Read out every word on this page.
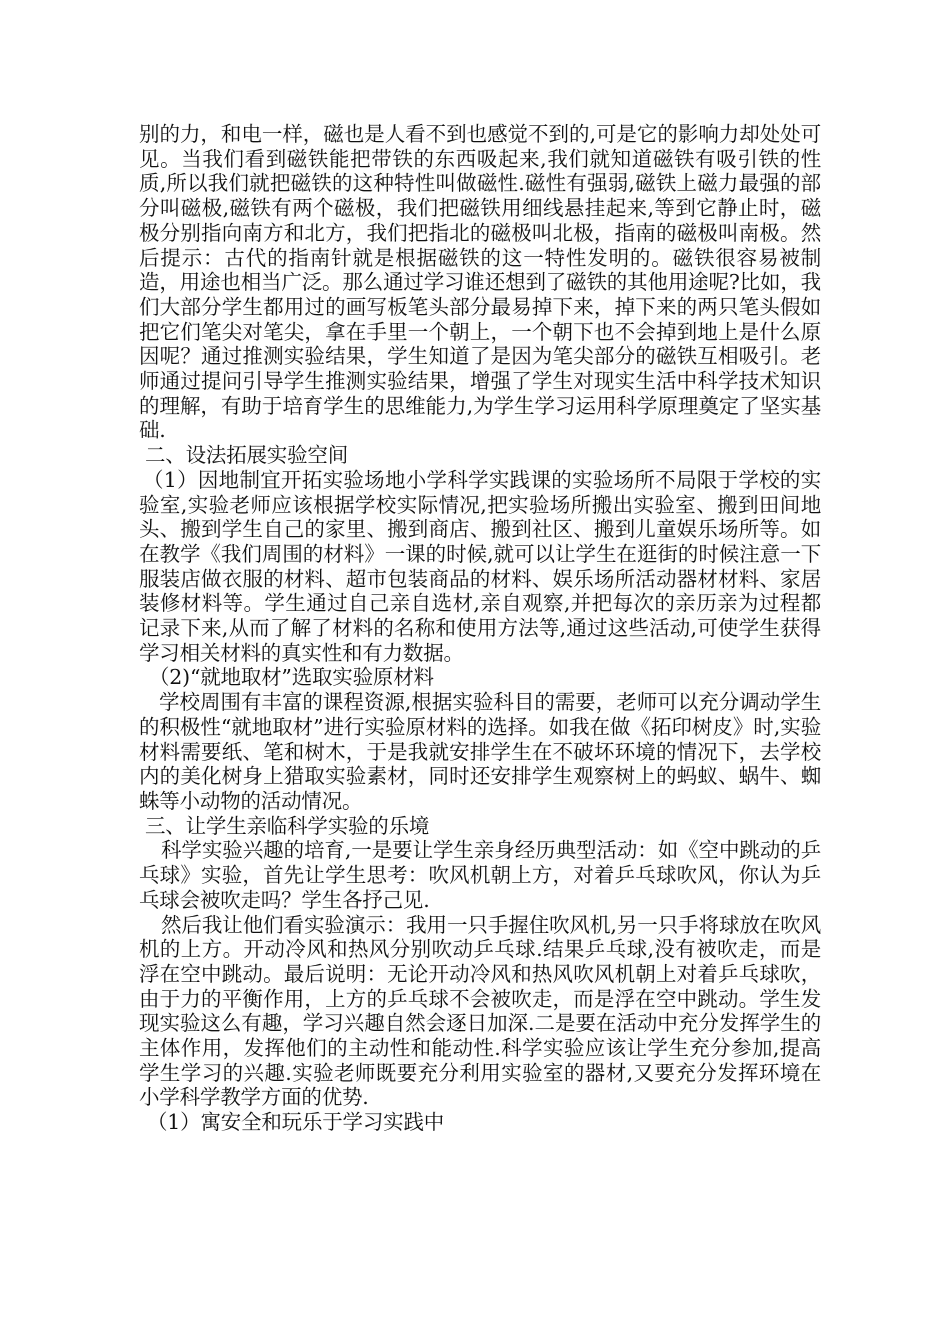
别的力，和电一样，磁也是人看不到也感觉不到的,可是它的影响力却处处可见。当我们看到磁铁能把带铁的东西吸起来,我们就知道磁铁有吸引铁的性质,所以我们就把磁铁的这种特性叫做磁性.磁性有强弱,磁铁上磁力最强的部分叫磁极,磁铁有两个磁极，我们把磁铁用细线悬挂起来,等到它静止时，磁极分别指向南方和北方，我们把指北的磁极叫北极，指南的磁极叫南极。然后提示：古代的指南针就是根据磁铁的这一特性发明的。磁铁很容易被制造，用途也相当广泛。那么通过学习谁还想到了磁铁的其他用途呢?比如，我们大部分学生都用过的画写板笔头部分最易掉下来，掉下来的两只笔头假如把它们笔尖对笔尖，拿在手里一个朝上，一个朝下也不会掉到地上是什么原因呢？通过推测实验结果，学生知道了是因为笔尖部分的磁铁互相吸引。老师通过提问引导学生推测实验结果，增强了学生对现实生活中科学技术知识的理解，有助于培育学生的思维能力,为学生学习运用科学原理奠定了坚实基础.

二、设法拓展实验空间

（1）因地制宜开拓实验场地小学科学实践课的实验场所不局限于学校的实验室,实验老师应该根据学校实际情况,把实验场所搬出实验室、搬到田间地头、搬到学生自己的家里、搬到商店、搬到社区、搬到儿童娱乐场所等。如在教学《我们周围的材料》一课的时候,就可以让学生在逛街的时候注意一下服装店做衣服的材料、超市包装商品的材料、娱乐场所活动器材材料、家居装修材料等。学生通过自己亲自选材,亲自观察,并把每次的亲历亲为过程都记录下来,从而了解了材料的名称和使用方法等,通过这些活动,可使学生获得学习相关材料的真实性和有力数据。

（2)“就地取材”选取实验原材料

学校周围有丰富的课程资源,根据实验科目的需要，老师可以充分调动学生的积极性“就地取材”进行实验原材料的选择。如我在做《拓印树皮》时,实验材料需要纸、笔和树木，于是我就安排学生在不破坏环境的情况下，去学校内的美化树身上猎取实验素材，同时还安排学生观察树上的蚂蚁、蜗牛、蜘蛛等小动物的活动情况。

三、让学生亲临科学实验的乐境

科学实验兴趣的培育,一是要让学生亲身经历典型活动：如《空中跳动的乒乓球》实验，首先让学生思考：吹风机朝上方，对着乒乓球吹风，你认为乒乓球会被吹走吗？学生各抒己见.

然后我让他们看实验演示：我用一只手握住吹风机,另一只手将球放在吹风机的上方。开动冷风和热风分别吹动乒乓球.结果乒乓球,没有被吹走，而是浮在空中跳动。最后说明：无论开动冷风和热风吹风机朝上对着乒乓球吹，由于力的平衡作用，上方的乒乓球不会被吹走，而是浮在空中跳动。学生发现实验这么有趣，学习兴趣自然会逐日加深.二是要在活动中充分发挥学生的主体作用，发挥他们的主动性和能动性.科学实验应该让学生充分参加,提高学生学习的兴趣.实验老师既要充分利用实验室的器材,又要充分发挥环境在小学科学教学方面的优势.

（1）寓安全和玩乐于学习实践中
